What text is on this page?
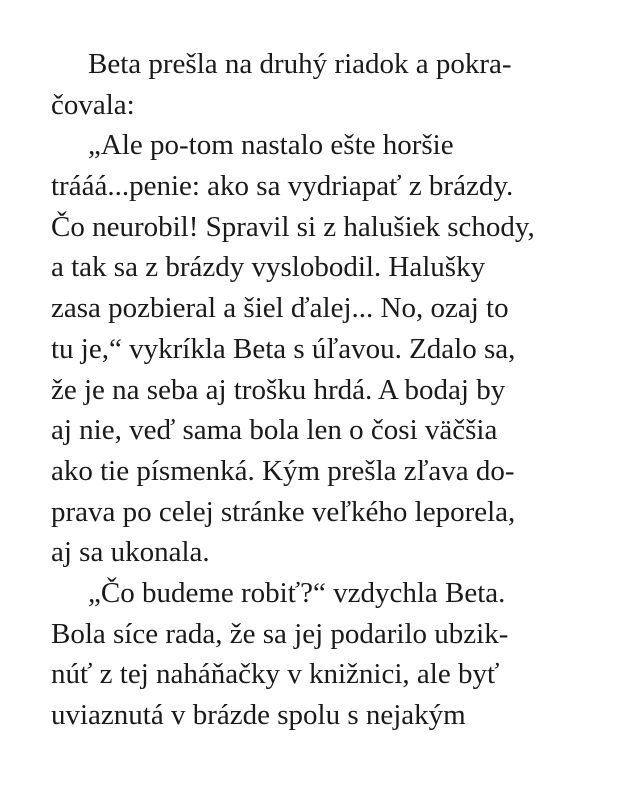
Beta prešla na druhý riadok a pokra-
čovala:
„Ale po-tom nastalo ešte horšie
trááá...penie: ako sa vydriapať z brázdy.
Čo neurobil! Spravil si z halušiek schody,
a tak sa z brázdy vyslobodil. Halušky
zasa pozbieral a šiel ďalej... No, ozaj to
tu je,“ vykríkla Beta s úľavou. Zdalo sa,
že je na seba aj trošku hrdá. A bodaj by
aj nie, veď sama bola len o čosi väčšia
ako tie písmenká. Kým prešla zľava do-
prava po celej stránke veľkého leporela,
aj sa ukonala.
„Čo budeme robiť?“ vzdychla Beta.
Bola síce rada, že sa jej podarilo ubzik-
núť z tej naháňačky v knižnici, ale byť
uviaznutá v brázde spolu s nejakým
